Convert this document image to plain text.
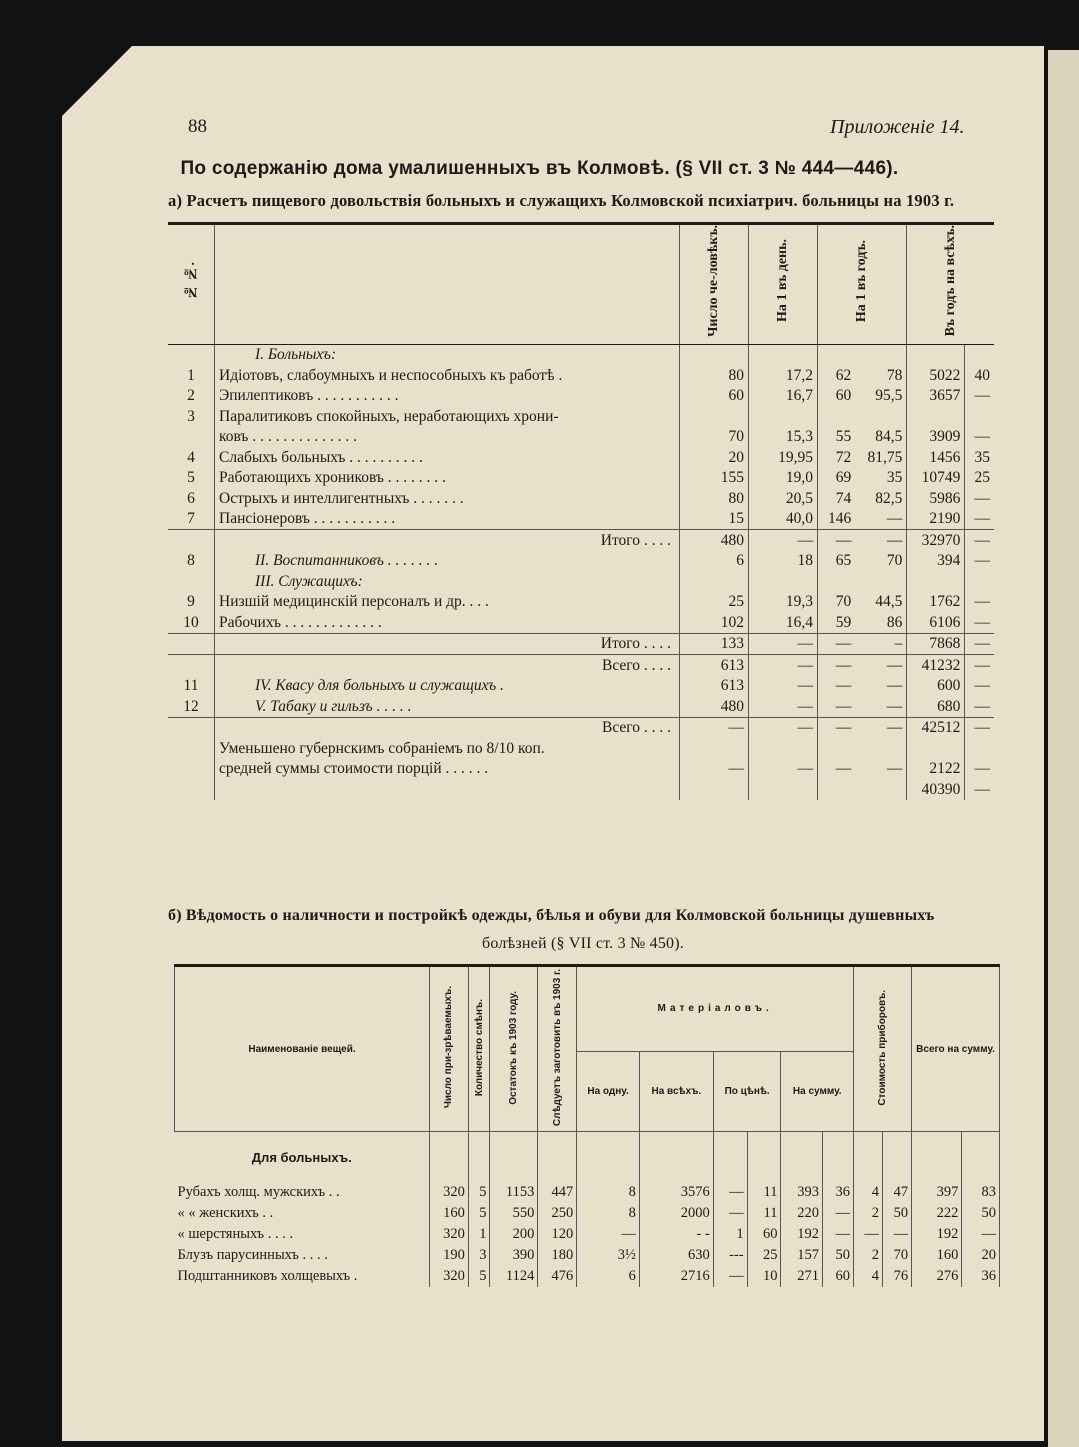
88	Приложеніе 14.
По содержанію дома умалишенныхъ въ Колмовѣ. (§ VII ст. 3 № 444—446).
а) Расчетъ пищевого довольствія больныхъ и служащихъ Колмовской психіатрич. больницы на 1903 г.
№ №.		Число че-ловѣкъ.	На 1 въ день.	На 1 въ годъ.		Въ годъ на всѣхъ.	
	I. Больныхъ:						
1	Идіотовъ, слабоумныхъ и неспособныхъ къ работѣ .	80	17,2	62	78	5022	40
2	Эпилептиковъ . . . . . . . . . . .	60	16,7	60	95,5	3657	—
3	Паралитиковъ спокойныхъ, неработающихъ хрони-						
	ковъ . . . . . . . . . . . . . .	70	15,3	55	84,5	3909	—
4	Слабыхъ больныхъ . . . . . . . . . .	20	19,95	72	81,75	1456	35
5	Работающихъ хрониковъ . . . . . . . .	155	19,0	69	35	10749	25
6	Острыхъ и интеллигентныхъ . . . . . . .	80	20,5	74	82,5	5986	—
7	Пансіонеровъ . . . . . . . . . . .	15	40,0	146	—	2190	—
	Итого . . . .	480	—	—	—	32970	—
8	II. Воспитанниковъ . . . . . . .	6	18	65	70	394	—
	III. Служащихъ:						
9	Низшій медицинскій персоналъ и др. . . .	25	19,3	70	44,5	1762	—
10	Рабочихъ . . . . . . . . . . . . .	102	16,4	59	86	6106	—
	Итого . . . .	133	—	—	–	7868	—
	Всего . . . .	613	—	—	—	41232	—
11	IV. Квасу для больныхъ и служащихъ .	613	—	—	—	600	—
12	V. Табаку и гильзъ . . . . .	480	—	—	—	680	—
	Всего . . . .	—	—	—	—	42512	—
	Уменьшено губернскимъ собраніемъ по 8/10 коп.						
	средней суммы стоимости порцій . . . . . .	—	—	—	—	2122	—
						40390	—
б) Вѣдомость о наличности и постройкѣ одежды, бѣлья и обуви для Колмовской больницы душевныхъ
болѣзней (§ VII ст. 3 № 450).
Наименованіе вещей.	Число при-зрѣваемыхъ.	Количество смѣнъ.	Остатокъ къ 1903 году.	Слѣдуетъ заготовить въ 1903 г.	Матеріаловъ.						Стоимость приборовъ.		Всего на сумму.	
					На одну.	На всѣхъ.	По цѣнѣ.		На сумму.					
Для больныхъ.														
Рубахъ холщ. мужскихъ . .	320	5	1153	447	8	3576	—	11	393	36	4	47	397	83
« « женскихъ . .	160	5	550	250	8	2000	—	11	220	—	2	50	222	50
« шерстяныхъ . . . .	320	1	200	120	—	- -	1	60	192	—	—	—	192	—
Блузъ парусинныхъ . . . .	190	3	390	180	3½	630	---	25	157	50	2	70	160	20
Подштанниковъ холщевыхъ .	320	5	1124	476	6	2716	—	10	271	60	4	76	276	36
